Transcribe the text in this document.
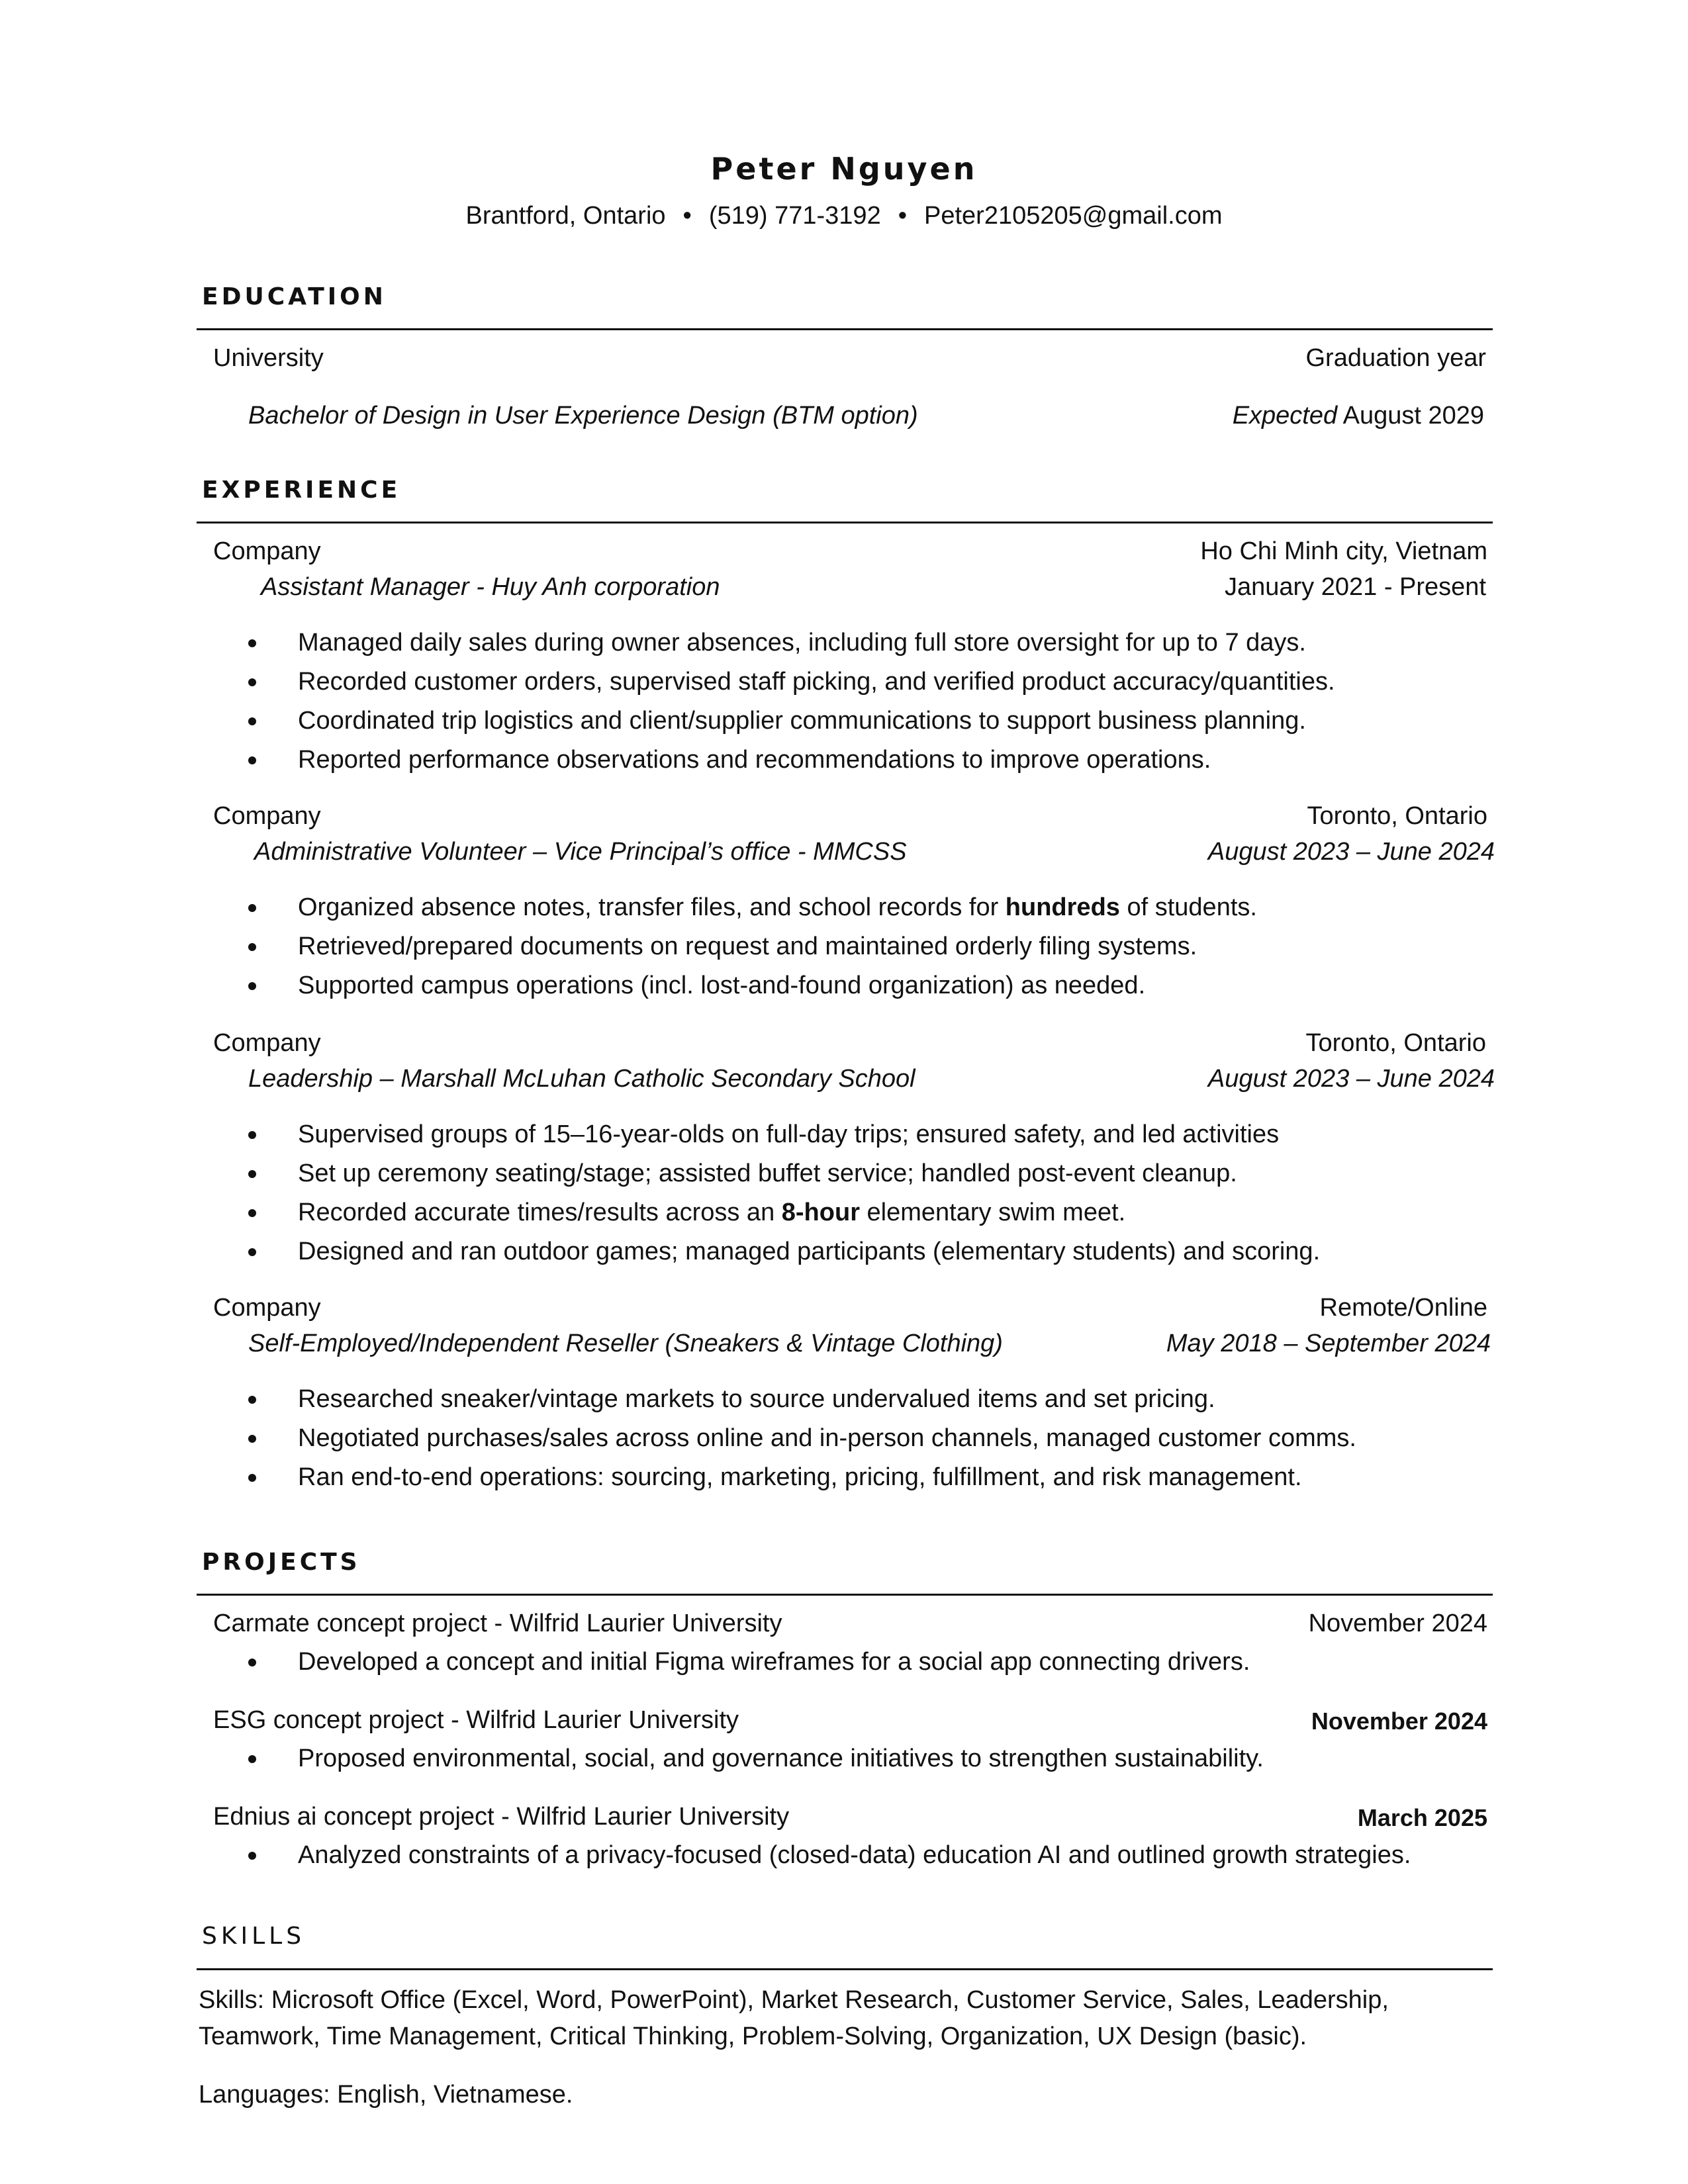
Peter Nguyen
Brantford, Ontario • (519) 771-3192 • Peter2105205@gmail.com
EDUCATION
University	Graduation year
Bachelor of Design in User Experience Design (BTM option)	Expected August 2029
EXPERIENCE
Company	Ho Chi Minh city, Vietnam
Assistant Manager - Huy Anh corporation	January 2021 - Present
Managed daily sales during owner absences, including full store oversight for up to 7 days.
Recorded customer orders, supervised staff picking, and verified product accuracy/quantities.
Coordinated trip logistics and client/supplier communications to support business planning.
Reported performance observations and recommendations to improve operations.
Company	Toronto, Ontario
Administrative Volunteer – Vice Principal’s office - MMCSS	August 2023 – June 2024
Organized absence notes, transfer files, and school records for hundreds of students.
Retrieved/prepared documents on request and maintained orderly filing systems.
Supported campus operations (incl. lost-and-found organization) as needed.
Company	Toronto, Ontario
Leadership – Marshall McLuhan Catholic Secondary School	August 2023 – June 2024
Supervised groups of 15–16-year-olds on full-day trips; ensured safety, and led activities
Set up ceremony seating/stage; assisted buffet service; handled post-event cleanup.
Recorded accurate times/results across an 8-hour elementary swim meet.
Designed and ran outdoor games; managed participants (elementary students) and scoring.
Company	Remote/Online
Self-Employed/Independent Reseller (Sneakers & Vintage Clothing)	May 2018 – September 2024
Researched sneaker/vintage markets to source undervalued items and set pricing.
Negotiated purchases/sales across online and in-person channels, managed customer comms.
Ran end-to-end operations: sourcing, marketing, pricing, fulfillment, and risk management.
PROJECTS
Carmate concept project - Wilfrid Laurier University	November 2024
Developed a concept and initial Figma wireframes for a social app connecting drivers.
ESG concept project - Wilfrid Laurier University	November 2024
Proposed environmental, social, and governance initiatives to strengthen sustainability.
Ednius ai concept project - Wilfrid Laurier University	March 2025
Analyzed constraints of a privacy-focused (closed-data) education AI and outlined growth strategies.
SKILLS
Skills: Microsoft Office (Excel, Word, PowerPoint), Market Research, Customer Service, Sales, Leadership,
Teamwork, Time Management, Critical Thinking, Problem-Solving, Organization, UX Design (basic).
Languages: English, Vietnamese.
